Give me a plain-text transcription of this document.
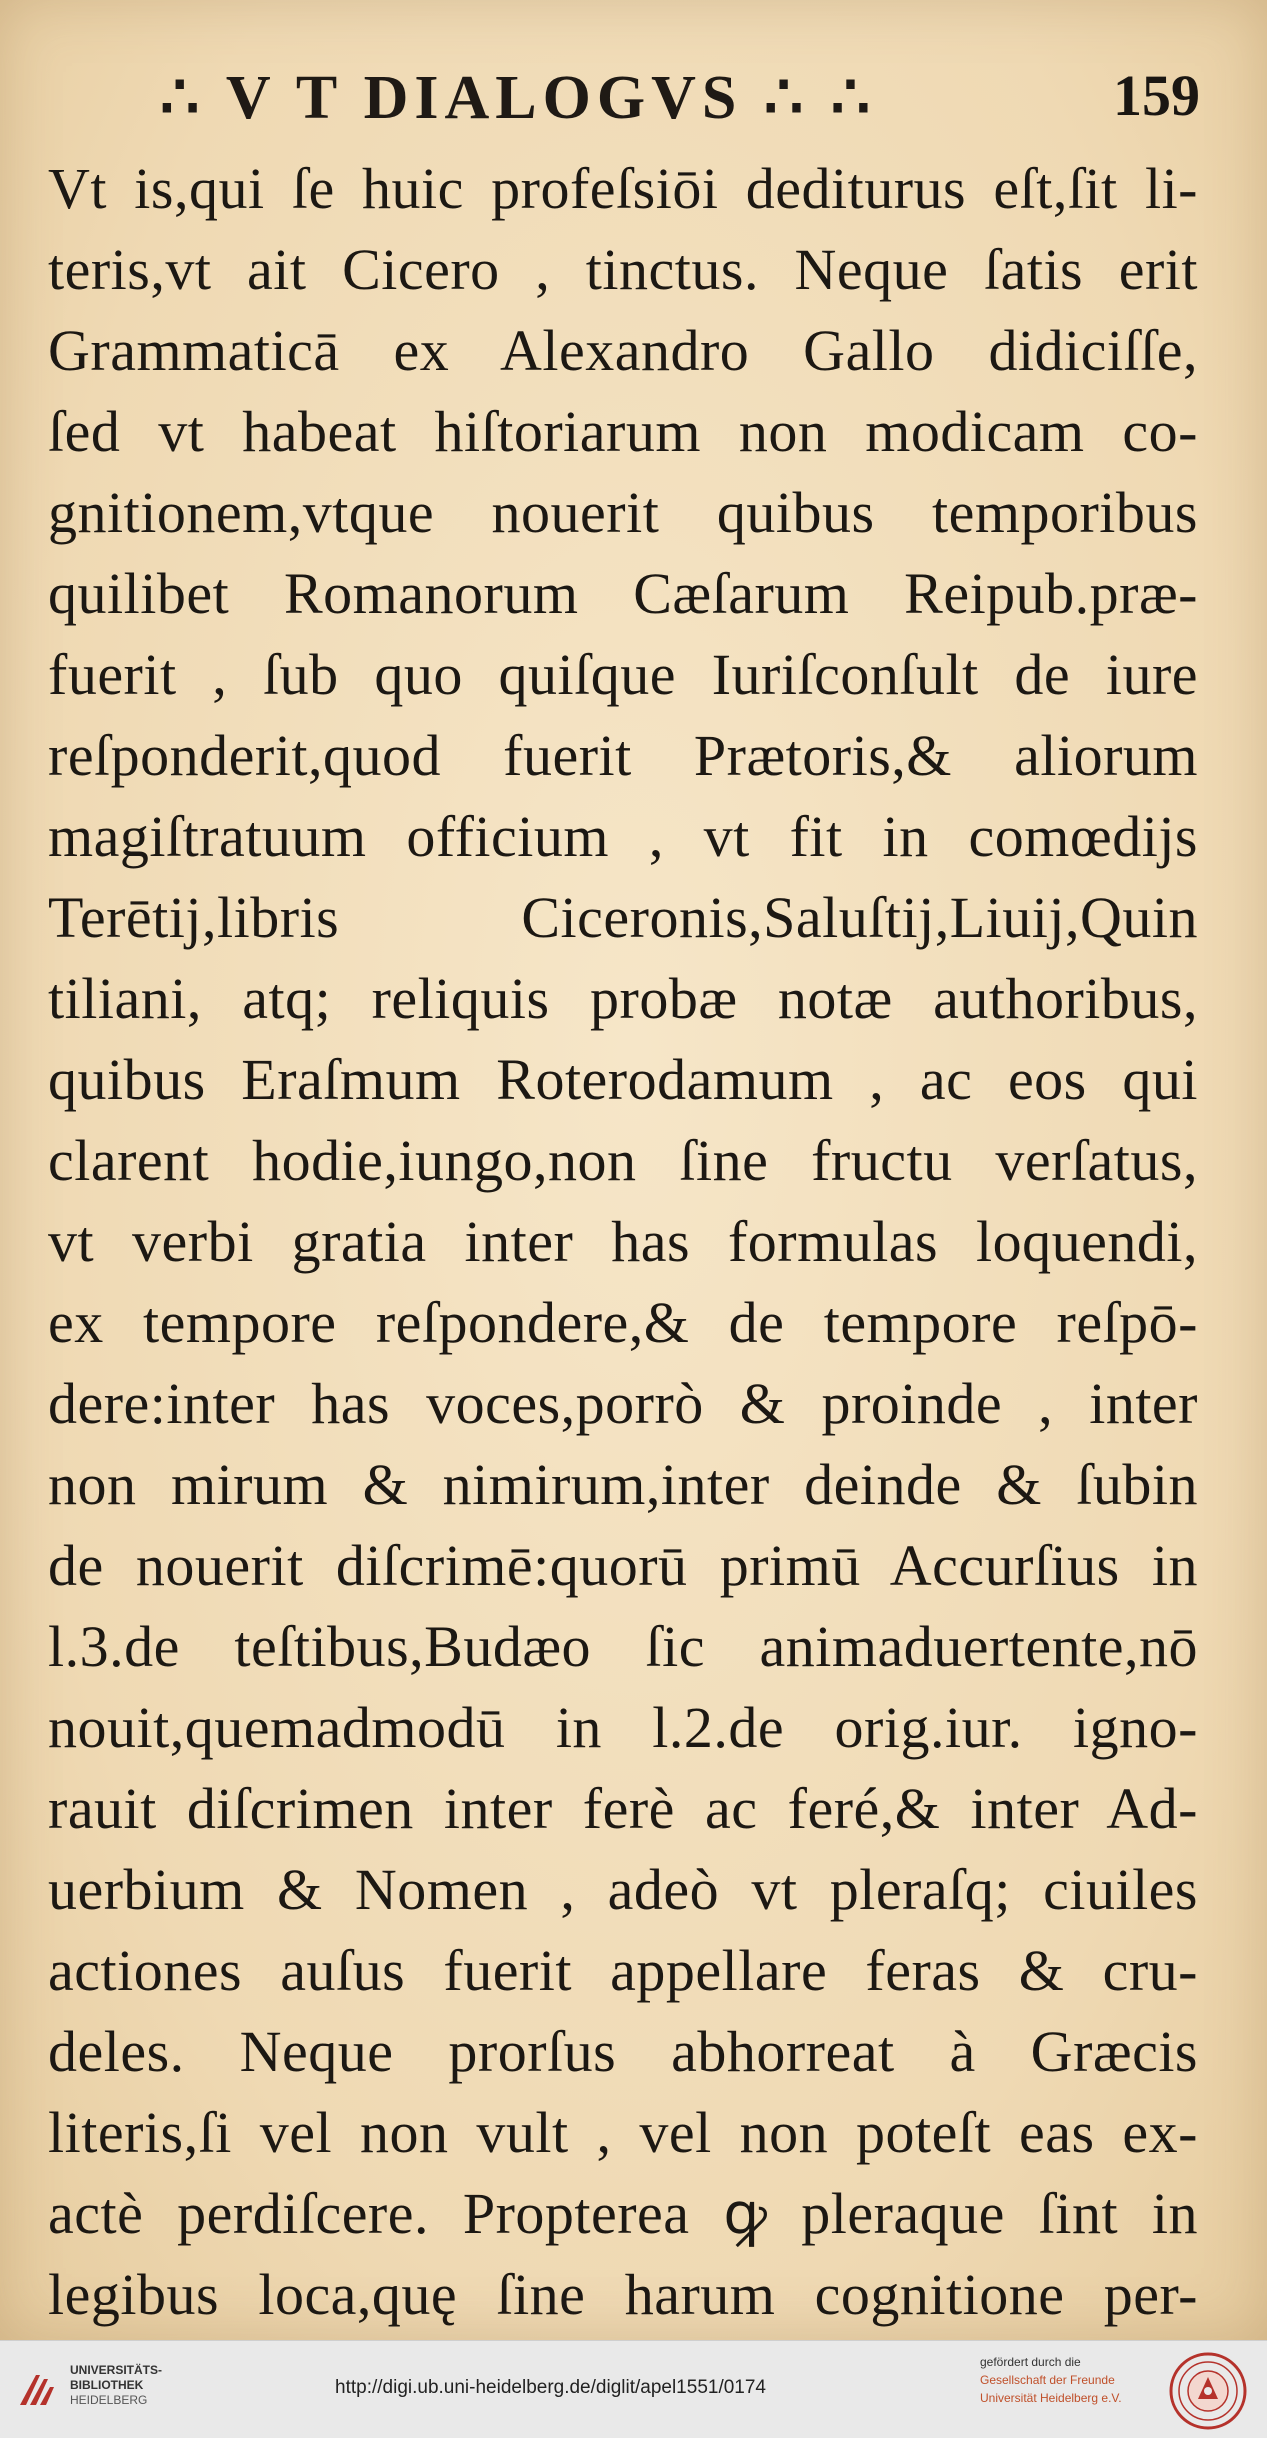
∴ V T DIALOGVS ∴ ∴	159
Vt is,qui ſe huic profeſsiōi dediturus eſt,ſit li-
teris,vt ait Cicero , tinctus. Neque ſatis erit
Grammaticā ex Alexandro Gallo didiciſſe,
ſed vt habeat hiſtoriarum non modicam co-
gnitionem,vtque nouerit quibus temporibus
quilibet Romanorum Cæſarum Reipub.præ-
fuerit , ſub quo quiſque Iuriſconſult de iure
reſponderit,quod fuerit Prætoris,& aliorum
magiſtratuum officium , vt fit in comœdijs
Terētij,libris Ciceronis,Saluſtij,Liuij,Quin
tiliani, atq; reliquis probæ notæ authoribus,
quibus Eraſmum Roterodamum , ac eos qui
clarent hodie,iungo,non ſine fructu verſatus,
vt verbi gratia inter has formulas loquendi,
ex tempore reſpondere,& de tempore reſpō-
dere:inter has voces,porrò & proinde , inter
non mirum & nimirum,inter deinde & ſubin
de nouerit diſcrimē:quorū primū Accurſius in
l.3.de teſtibus,Budæo ſic animaduertente,nō
nouit,quemadmodū in l.2.de orig.iur. igno-
rauit diſcrimen inter ferè ac feré,& inter Ad-
uerbium & Nomen , adeò vt pleraſq; ciuiles
actiones auſus fuerit appellare feras & cru-
deles. Neque prorſus abhorreat à Græcis
literis,ſi vel non vult , vel non poteſt eas ex-
actè perdiſcere. Propterea ꝙ pleraque ſint in
legibus loca,quę ſine harum cognitione per-
UNIVERSITÄTS-
BIBLIOTHEK
HEIDELBERG
http://digi.ub.uni-heidelberg.de/diglit/apel1551/0174
gefördert durch die
Gesellschaft der Freunde
Universität Heidelberg e.V.
